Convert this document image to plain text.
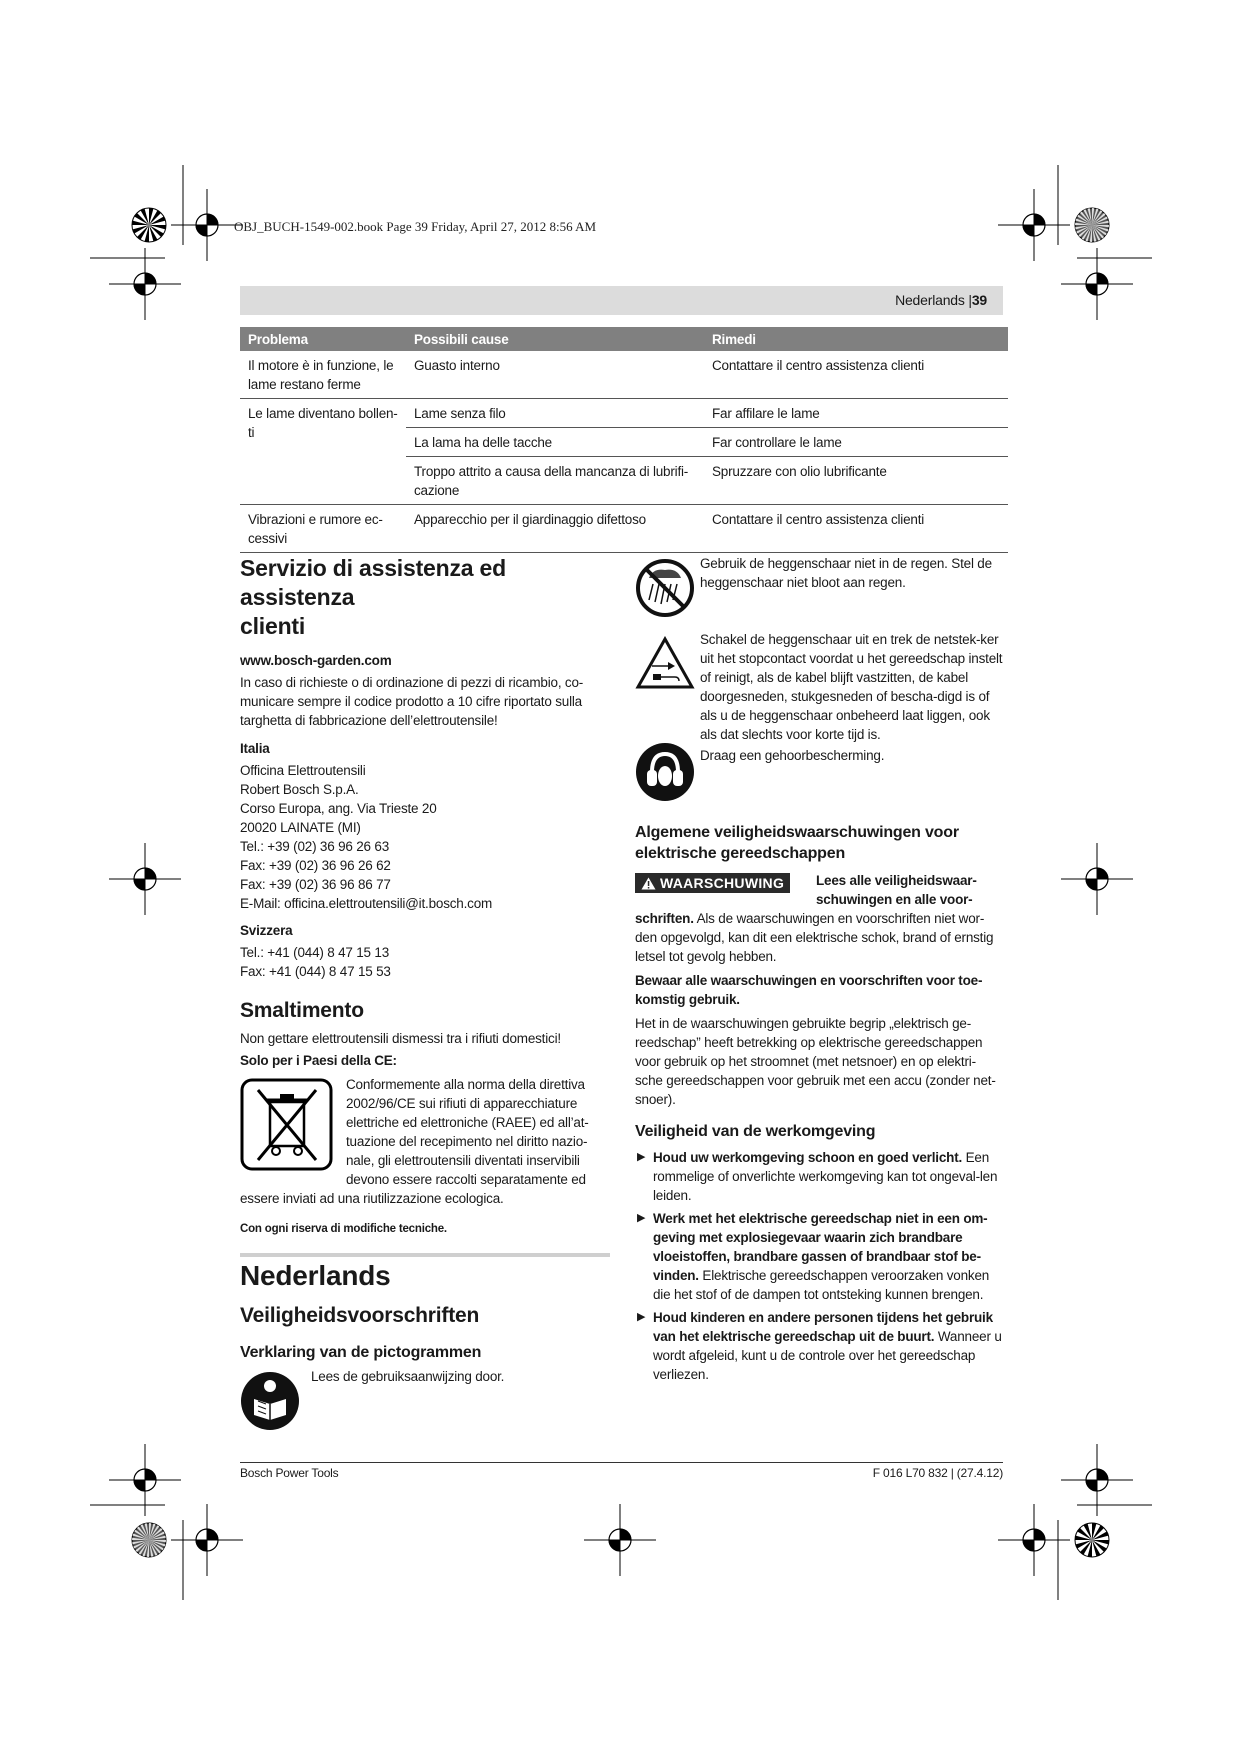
OBJ_BUCH-1549-002.book Page 39 Friday, April 27, 2012 8:56 AM
Nederlands |39
Problema	Possibili cause	Rimedi
Il motore è in funzione, le lame restano ferme	Guasto interno	Contattare il centro assistenza clienti
Le lame diventano bollen-ti	Lame senza filo	Far affilare le lame
	La lama ha delle tacche	Far controllare le lame
	Troppo attrito a causa della mancanza di lubrifi-cazione	Spruzzare con olio lubrificante
Vibrazioni e rumore ec-cessivi	Apparecchio per il giardinaggio difettoso	Contattare il centro assistenza clienti
Servizio di assistenza ed assistenza
clienti
www.bosch-garden.com
In caso di richieste o di ordinazione di pezzi di ricambio, co-municare sempre il codice prodotto a 10 cifre riportato sulla targhetta di fabbricazione dell’elettroutensile!
Italia
Officina Elettroutensili
Robert Bosch S.p.A.
Corso Europa, ang. Via Trieste 20
20020 LAINATE (MI)
Tel.: +39 (02) 36 96 26 63
Fax: +39 (02) 36 96 26 62
Fax: +39 (02) 36 96 86 77
E-Mail: officina.elettroutensili@it.bosch.com
Svizzera
Tel.: +41 (044) 8 47 15 13
Fax: +41 (044) 8 47 15 53
Smaltimento
Non gettare elettroutensili dismessi tra i rifiuti domestici!
Solo per i Paesi della CE:
Conformemente alla norma della direttiva 2002/96/CE sui rifiuti di apparecchiature elettriche ed elettroniche (RAEE) ed all’at-tuazione del recepimento nel diritto nazio-nale, gli elettroutensili diventati inservibili devono essere raccolti separatamente ed
essere inviati ad una riutilizzazione ecologica.
Con ogni riserva di modifiche tecniche.
Nederlands
Veiligheidsvoorschriften
Verklaring van de pictogrammen
Lees de gebruiksaanwijzing door.
Gebruik de heggenschaar niet in de regen. Stel de heggenschaar niet bloot aan regen.
Schakel de heggenschaar uit en trek de netstek-ker uit het stopcontact voordat u het gereedschap instelt of reinigt, als de kabel blijft vastzitten, de kabel doorgesneden, stukgesneden of bescha-digd is of als u de heggenschaar onbeheerd laat liggen, ook als dat slechts voor korte tijd is.
Draag een gehoorbescherming.
Algemene veiligheidswaarschuwingen voor elektrische gereedschappen
WAARSCHUWING Lees alle veiligheidswaar-schuwingen en alle voor-
schriften. Als de waarschuwingen en voorschriften niet wor-den opgevolgd, kan dit een elektrische schok, brand of ernstig letsel tot gevolg hebben.
Bewaar alle waarschuwingen en voorschriften voor toe-komstig gebruik.
Het in de waarschuwingen gebruikte begrip „elektrisch ge-reedschap” heeft betrekking op elektrische gereedschappen voor gebruik op het stroomnet (met netsnoer) en op elektri-sche gereedschappen voor gebruik met een accu (zonder net-snoer).
Veiligheid van de werkomgeving
▶ Houd uw werkomgeving schoon en goed verlicht. Een rommelige of onverlichte werkomgeving kan tot ongeval-len leiden.
▶ Werk met het elektrische gereedschap niet in een om-geving met explosiegevaar waarin zich brandbare vloeistoffen, brandbare gassen of brandbaar stof be-vinden. Elektrische gereedschappen veroorzaken vonken die het stof of de dampen tot ontsteking kunnen brengen.
▶ Houd kinderen en andere personen tijdens het gebruik van het elektrische gereedschap uit de buurt. Wanneer u wordt afgeleid, kunt u de controle over het gereedschap verliezen.
Bosch Power Tools	F 016 L70 832 | (27.4.12)
